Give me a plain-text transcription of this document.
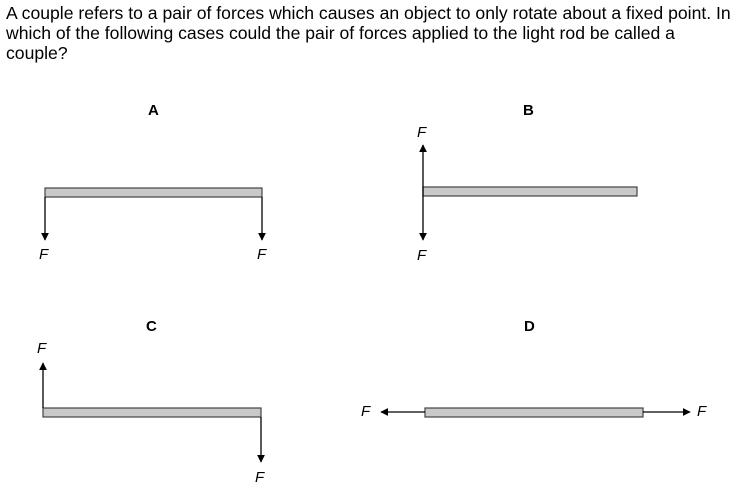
A couple refers to a pair of forces which causes an object to only rotate about a fixed point. In which of the following cases could the pair of forces applied to the light rod be called a couple?
A	B
C	D
F	F
F
F
F
F
F	F
